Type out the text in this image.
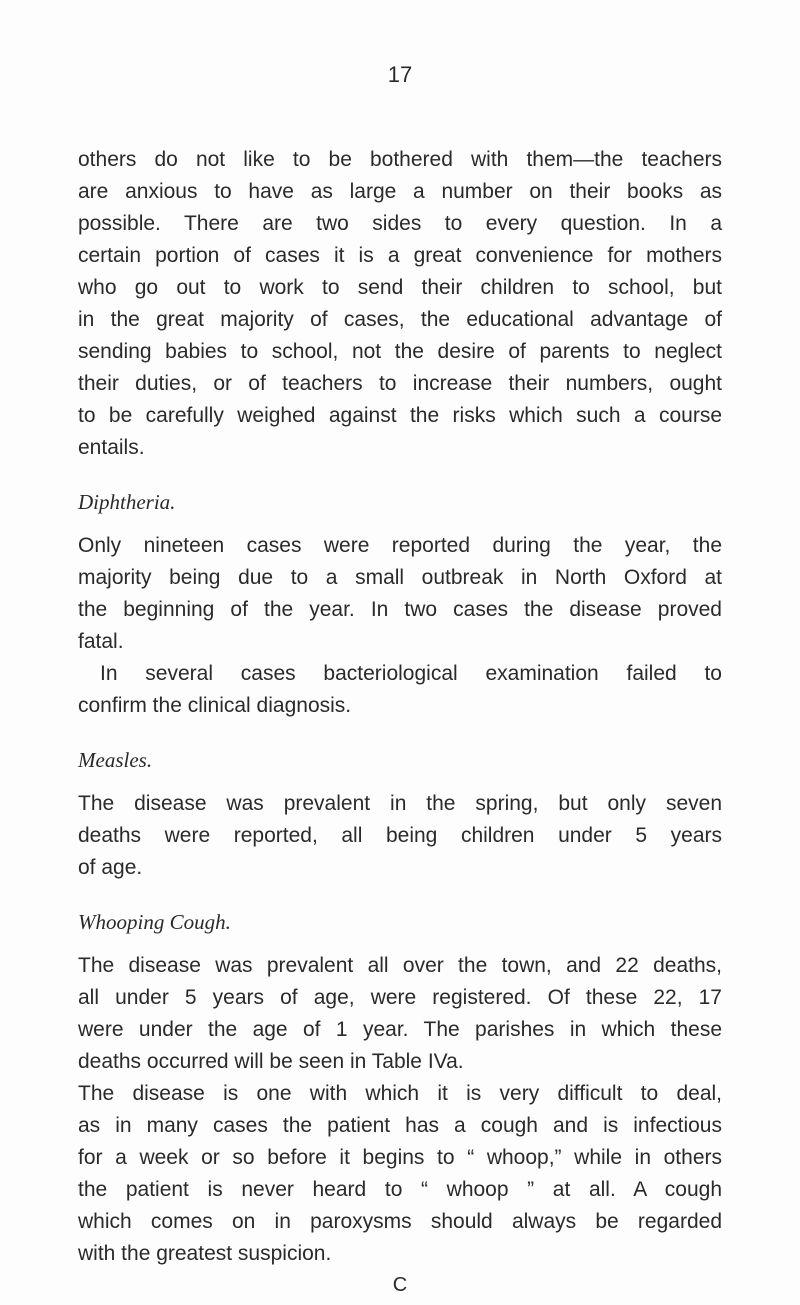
17
others do not like to be bothered with them—the teachers
are anxious to have as large a number on their books as
possible. There are two sides to every question. In a
certain portion of cases it is a great convenience for mothers
who go out to work to send their children to school, but
in the great majority of cases, the educational advantage of
sending babies to school, not the desire of parents to neglect
their duties, or of teachers to increase their numbers, ought
to be carefully weighed against the risks which such a course
entails.
Diphtheria.
Only nineteen cases were reported during the year, the
majority being due to a small outbreak in North Oxford at
the beginning of the year. In two cases the disease proved
fatal.
In several cases bacteriological examination failed to
confirm the clinical diagnosis.
Measles.
The disease was prevalent in the spring, but only seven
deaths were reported, all being children under 5 years
of age.
Whooping Cough.
The disease was prevalent all over the town, and 22 deaths,
all under 5 years of age, were registered. Of these 22, 17
were under the age of 1 year. The parishes in which these
deaths occurred will be seen in Table IVa.
The disease is one with which it is very difficult to deal,
as in many cases the patient has a cough and is infectious
for a week or so before it begins to “ whoop,” while in others
the patient is never heard to “ whoop ” at all. A cough
which comes on in paroxysms should always be regarded
with the greatest suspicion.
C
